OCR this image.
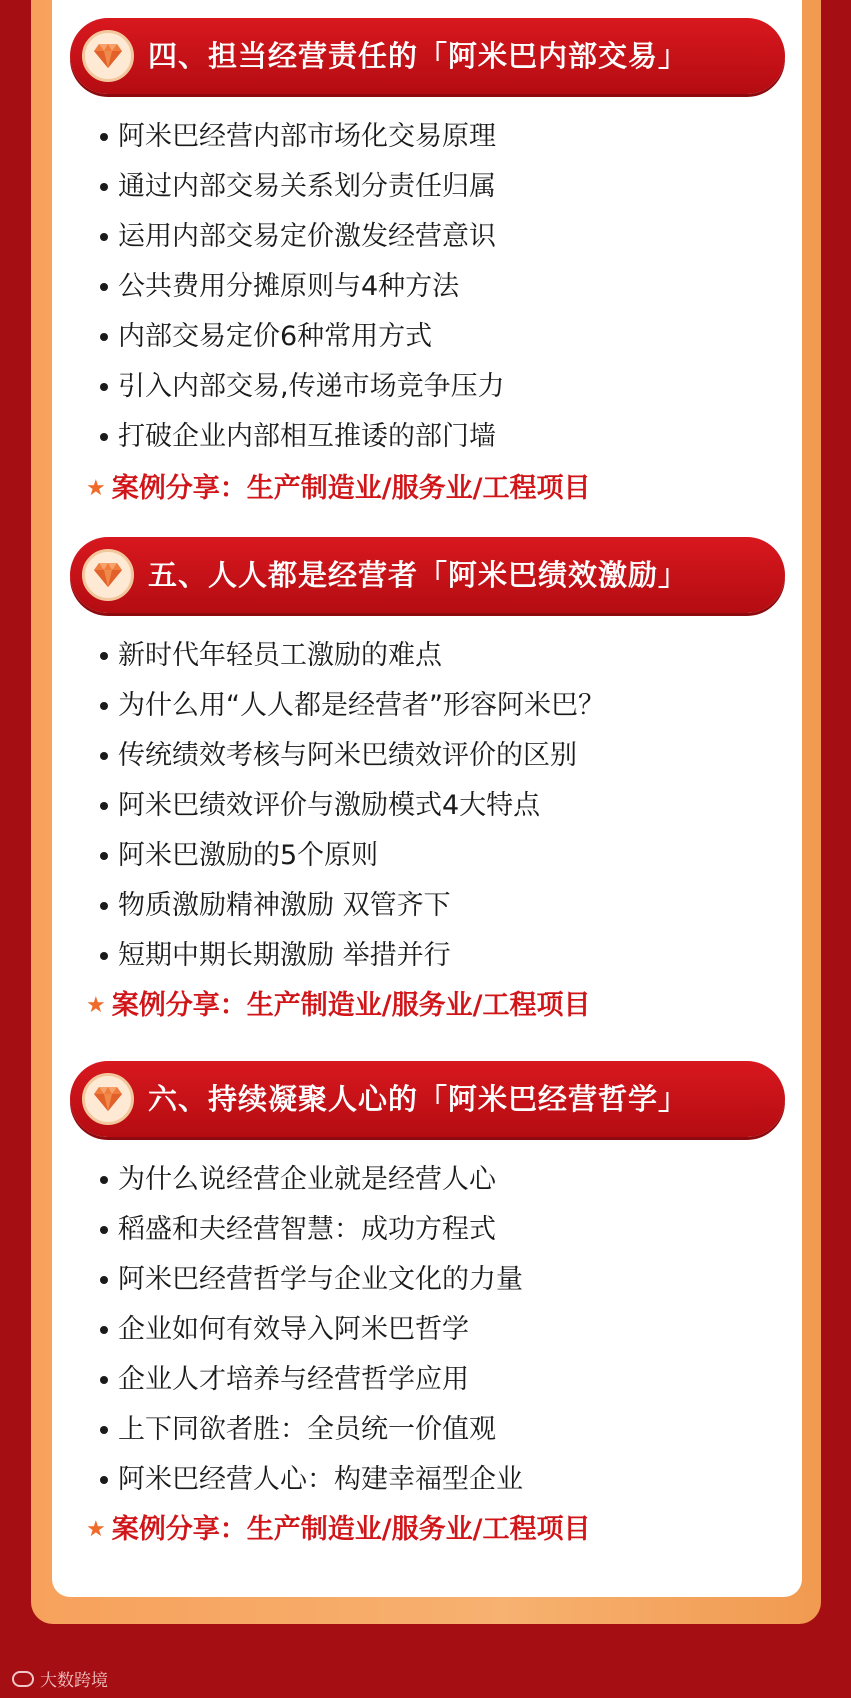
四、担当经营责任的「阿米巴内部交易」
阿米巴经营内部市场化交易原理
通过内部交易关系划分责任归属
运用内部交易定价激发经营意识
公共费用分摊原则与4种方法
内部交易定价6种常用方式
引入内部交易,传递市场竞争压力
打破企业内部相互推诿的部门墙
★ 案例分享：生产制造业/服务业/工程项目
五、人人都是经营者「阿米巴绩效激励」
新时代年轻员工激励的难点
为什么用“人人都是经营者”形容阿米巴？
传统绩效考核与阿米巴绩效评价的区别
阿米巴绩效评价与激励模式4大特点
阿米巴激励的5个原则
物质激励精神激励 双管齐下
短期中期长期激励 举措并行
★ 案例分享：生产制造业/服务业/工程项目
六、持续凝聚人心的「阿米巴经营哲学」
为什么说经营企业就是经营人心
稻盛和夫经营智慧：成功方程式
阿米巴经营哲学与企业文化的力量
企业如何有效导入阿米巴哲学
企业人才培养与经营哲学应用
上下同欲者胜：全员统一价值观
阿米巴经营人心：构建幸福型企业
★ 案例分享：生产制造业/服务业/工程项目
大数跨境
